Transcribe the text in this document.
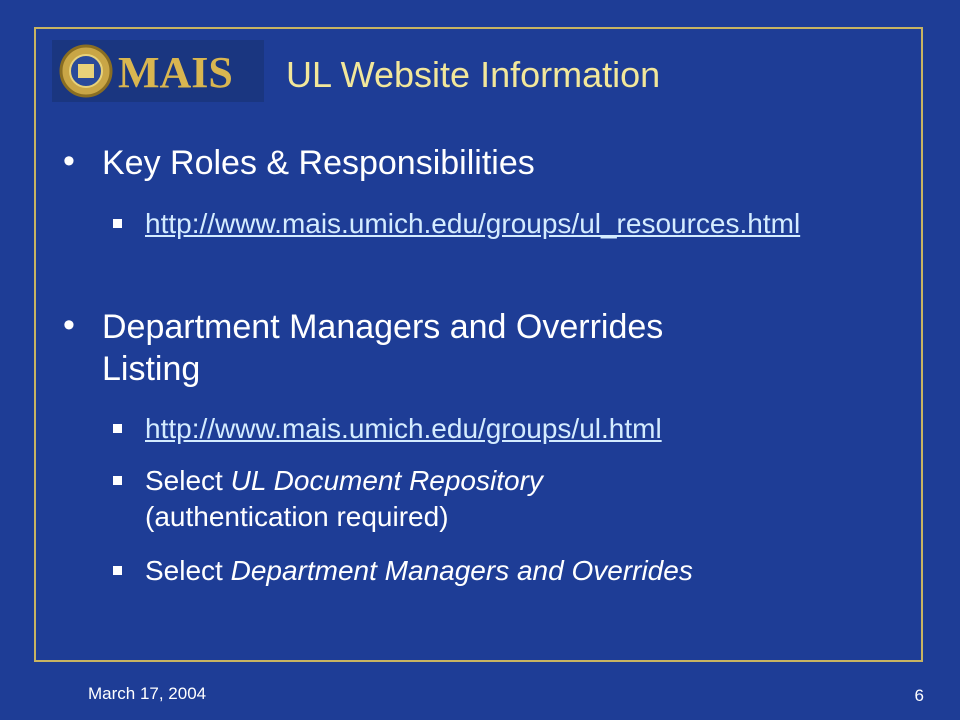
MAIS UL Website Information
• Key Roles & Responsibilities
http://www.mais.umich.edu/groups/ul_resources.html
• Department Managers and Overrides
Listing
http://www.mais.umich.edu/groups/ul.html
Select UL Document Repository
(authentication required)
Select Department Managers and Overrides
March 17, 2004	6
